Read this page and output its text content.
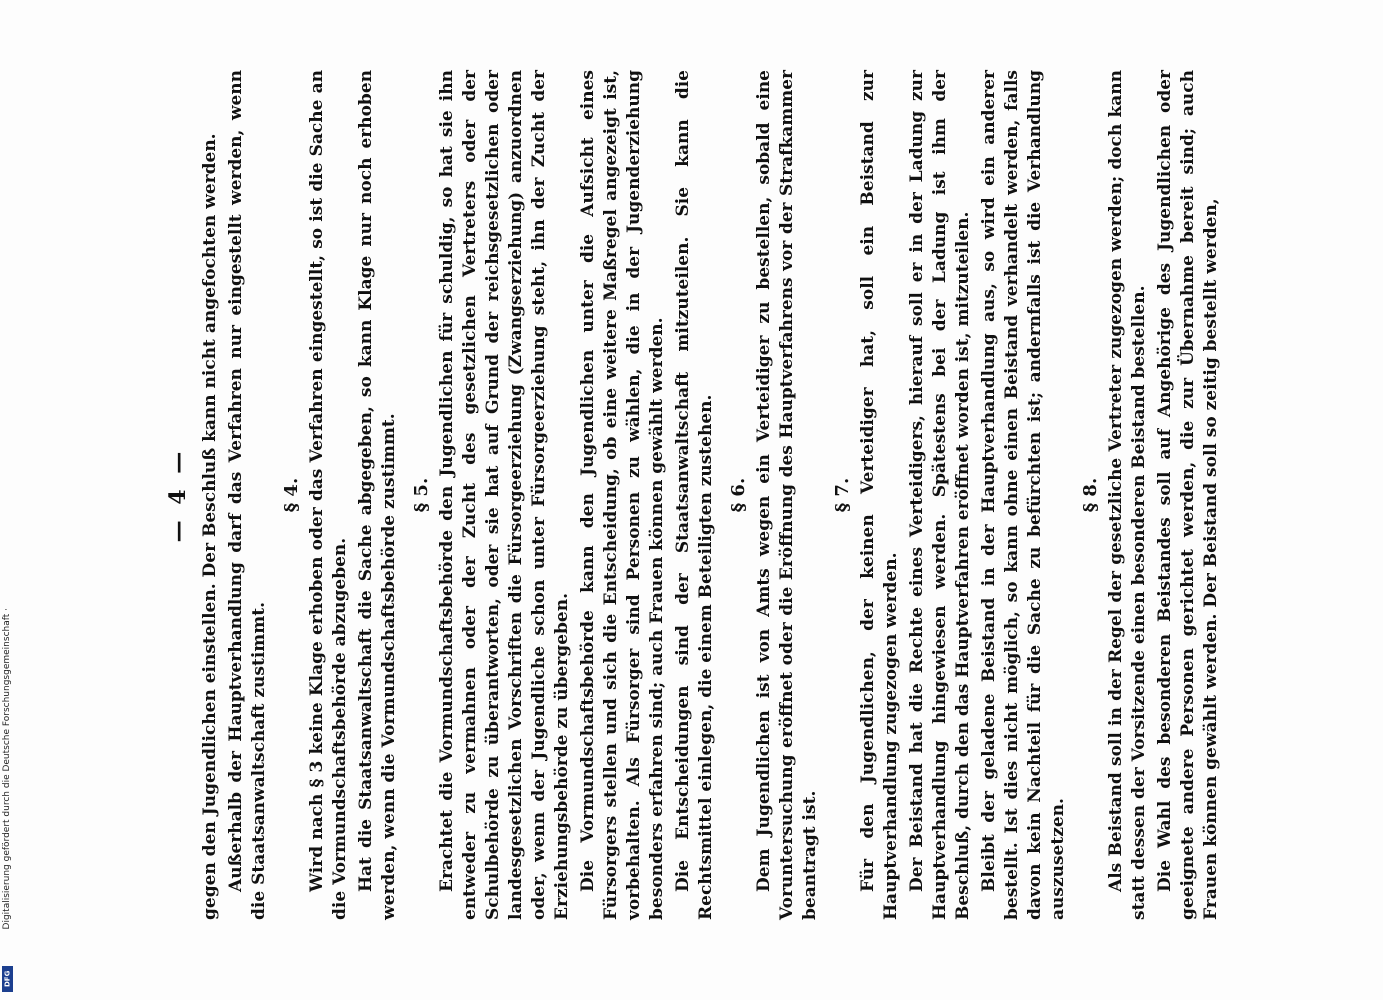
— 4 — gegen den Jugendlichen einstellen. Der Beschluß kann nicht angefochten werden. Außerhalb der Hauptverhandlung darf das Verfahren nur eingestellt werden, wenn die Staatsanwaltschaft zustimmt.
§ 4. Wird nach § 3 keine Klage erhoben oder das Verfahren eingestellt, so ist die Sache an die Vormundschaftsbehörde abzugeben. Hat die Staatsanwaltschaft die Sache abgegeben, so kann Klage nur noch erhoben werden, wenn die Vormundschaftsbehörde zustimmt. § 5. Erachtet die Vormundschaftsbehörde den Jugendlichen für schuldig, so hat sie ihn entweder zu vermahnen oder der Zucht des gesetzlichen Vertreters oder der Schulbehörde zu überantworten, oder sie hat auf Grund der reichsgesetzlichen oder landesgesetzlichen Vorschriften die Fürsorgeerziehung (Zwangserziehung) anzuordnen oder, wenn der Jugendliche schon unter Fürsorgeerziehung steht, ihn der Zucht der Erziehungsbehörde zu übergeben. Die Vormundschaftsbehörde kann den Jugendlichen unter die Aufsicht eines Fürsorgers stellen und sich die Entscheidung, ob eine weitere Maßregel angezeigt ist, vorbehalten. Als Fürsorger sind Personen zu wählen, die in der Jugenderziehung besonders erfahren sind; auch Frauen können gewählt werden. Die Entscheidungen sind der Staatsanwaltschaft mitzuteilen. Sie kann die Rechtsmittel einlegen, die einem Beteiligten zustehen. § 6. Dem Jugendlichen ist von Amts wegen ein Verteidiger zu bestellen, sobald eine Voruntersuchung eröffnet oder die Eröffnung des Hauptverfahrens vor der Strafkammer beantragt ist.
§ 7. Für den Jugendlichen, der keinen Verteidiger hat, soll ein Beistand zur Hauptverhandlung zugezogen werden. Der Beistand hat die Rechte eines Verteidigers, hierauf soll er in der Ladung zur Hauptverhandlung hingewiesen werden. Spätestens bei der Ladung ist ihm der Beschluß, durch den das Hauptverfahren eröffnet worden ist, mitzuteilen. Bleibt der geladene Beistand in der Hauptverhandlung aus, so wird ein anderer bestellt. Ist dies nicht möglich, so kann ohne einen Beistand verhandelt werden, falls davon kein Nachteil für die Sache zu befürchten ist; andernfalls ist die Verhandlung auszusetzen.
§ 8. Als Beistand soll in der Regel der gesetzliche Vertreter zugezogen werden; doch kann statt dessen der Vorsitzende einen besonderen Beistand bestellen. Die Wahl des besonderen Beistandes soll auf Angehörige des Jugendlichen oder geeignete andere Personen gerichtet werden, die zur Übernahme bereit sind; auch Frauen können gewählt werden. Der Beistand soll so zeitig bestellt werden,
Digitalisierung gefördert durch die Deutsche Forschungsgemeinschaft ·
DFG
